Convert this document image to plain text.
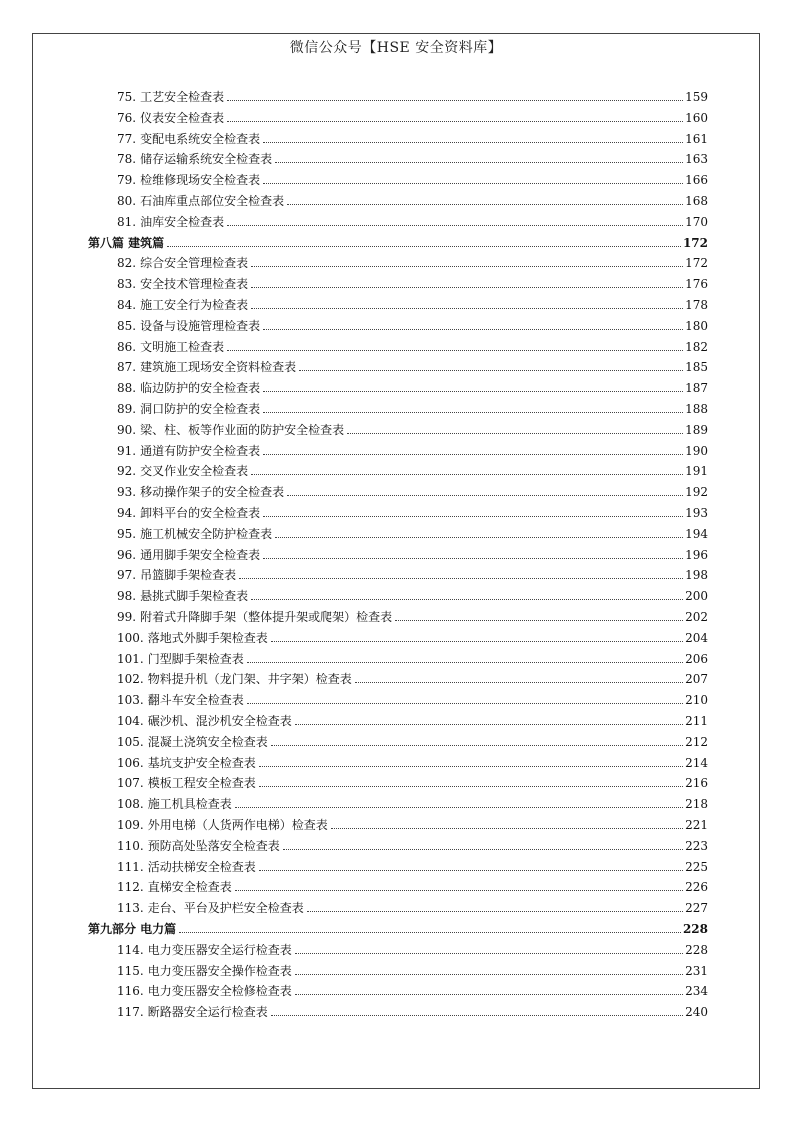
微信公众号【HSE 安全资料库】
75. 工艺安全检查表	159
76. 仪表安全检查表	160
77. 变配电系统安全检查表	161
78. 储存运输系统安全检查表	163
79. 检维修现场安全检查表	166
80. 石油库重点部位安全检查表	168
81. 油库安全检查表	170
第八篇 建筑篇	172
82. 综合安全管理检查表	172
83. 安全技术管理检查表	176
84. 施工安全行为检查表	178
85. 设备与设施管理检查表	180
86. 文明施工检查表	182
87. 建筑施工现场安全资料检查表	185
88. 临边防护的安全检查表	187
89. 洞口防护的安全检查表	188
90. 梁、柱、板等作业面的防护安全检查表	189
91. 通道有防护安全检查表	190
92. 交叉作业安全检查表	191
93. 移动操作架子的安全检查表	192
94. 卸料平台的安全检查表	193
95. 施工机械安全防护检查表	194
96. 通用脚手架安全检查表	196
97. 吊篮脚手架检查表	198
98. 悬挑式脚手架检查表	200
99. 附着式升降脚手架（整体提升架或爬架）检查表	202
100. 落地式外脚手架检查表	204
101. 门型脚手架检查表	206
102. 物料提升机（龙门架、井字架）检查表	207
103. 翻斗车安全检查表	210
104. 碾沙机、混沙机安全检查表	211
105. 混凝土浇筑安全检查表	212
106. 基坑支护安全检查表	214
107. 模板工程安全检查表	216
108. 施工机具检查表	218
109. 外用电梯（人货两作电梯）检查表	221
110. 预防高处坠落安全检查表	223
111. 活动扶梯安全检查表	225
112. 直梯安全检查表	226
113. 走台、平台及护栏安全检查表	227
第九部分 电力篇	228
114. 电力变压器安全运行检查表	228
115. 电力变压器安全操作检查表	231
116. 电力变压器安全检修检查表	234
117. 断路器安全运行检查表	240
